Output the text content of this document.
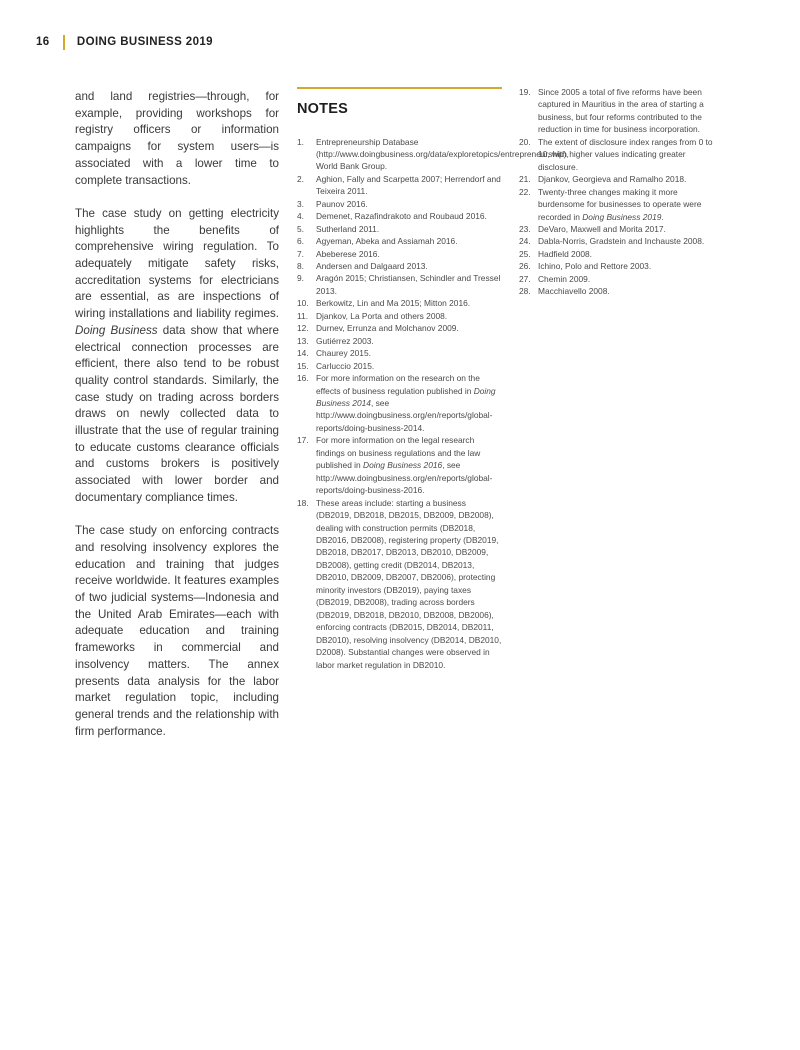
16 DOING BUSINESS 2019

and land registries—through, for example, providing workshops for registry officers or information campaigns for system users—is associated with a lower time to complete transactions.

The case study on getting electricity highlights the benefits of comprehensive wiring regulation. To adequately mitigate safety risks, accreditation systems for electricians are essential, as are inspections of wiring installations and liability regimes. Doing Business data show that where electrical connection processes are efficient, there also tend to be robust quality control standards. Similarly, the case study on trading across borders draws on newly collected data to illustrate that the use of regular training to educate customs clearance officials and customs brokers is positively associated with lower border and documentary compliance times.

The case study on enforcing contracts and resolving insolvency explores the education and training that judges receive worldwide. It features examples of two judicial systems—Indonesia and the United Arab Emirates—each with adequate education and training frameworks in commercial and insolvency matters. The annex presents data analysis for the labor market regulation topic, including general trends and the relationship with firm performance.

NOTES
1.	Entrepreneurship Database (http://www.doingbusiness.org/data/exploretopics/entrepreneurship), World Bank Group.
2.	Aghion, Fally and Scarpetta 2007; Herrendorf and Teixeira 2011.
3.	Paunov 2016.
4.	Demenet, Razafindrakoto and Roubaud 2016.
5.	Sutherland 2011.
6.	Agyeman, Abeka and Assiamah 2016.
7.	Abeberese 2016.
8.	Andersen and Dalgaard 2013.
9.	Aragón 2015; Christiansen, Schindler and Tressel 2013.
10. Berkowitz, Lin and Ma 2015; Mitton 2016.
11. Djankov, La Porta and others 2008.
12. Durnev, Errunza and Molchanov 2009.
13. Gutiérrez 2003.
14. Chaurey 2015.
15. Carluccio 2015.
16. For more information on the research on the effects of business regulation published in Doing Business 2014, see http://www.doingbusiness.org/en/reports/global-reports/doing-business-2014.
17. For more information on the legal research findings on business regulations and the law published in Doing Business 2016, see http://www.doingbusiness.org/en/reports/global-reports/doing-business-2016.
18. These areas include: starting a business (DB2019, DB2018, DB2015, DB2009, DB2008), dealing with construction permits (DB2018, DB2016, DB2008), registering property (DB2019, DB2018, DB2017, DB2013, DB2010, DB2009, DB2008), getting credit (DB2014, DB2013, DB2010, DB2009, DB2007, DB2006), protecting minority investors (DB2019), paying taxes (DB2019, DB2008), trading across borders (DB2019, DB2018, DB2010, DB2008, DB2006), enforcing contracts (DB2015, DB2014, DB2011, DB2010), resolving insolvency (DB2014, DB2010, D2008). Substantial changes were observed in labor market regulation in DB2010.
19. Since 2005 a total of five reforms have been captured in Mauritius in the area of starting a business, but four reforms contributed to the reduction in time for business incorporation.
20. The extent of disclosure index ranges from 0 to 10, with higher values indicating greater disclosure.
21. Djankov, Georgieva and Ramalho 2018.
22. Twenty-three changes making it more burdensome for businesses to operate were recorded in Doing Business 2019.
23. DeVaro, Maxwell and Morita 2017.
24. Dabla-Norris, Gradstein and Inchauste 2008.
25. Hadfield 2008.
26. Ichino, Polo and Rettore 2003.
27. Chemin 2009.
28. Macchiavello 2008.
